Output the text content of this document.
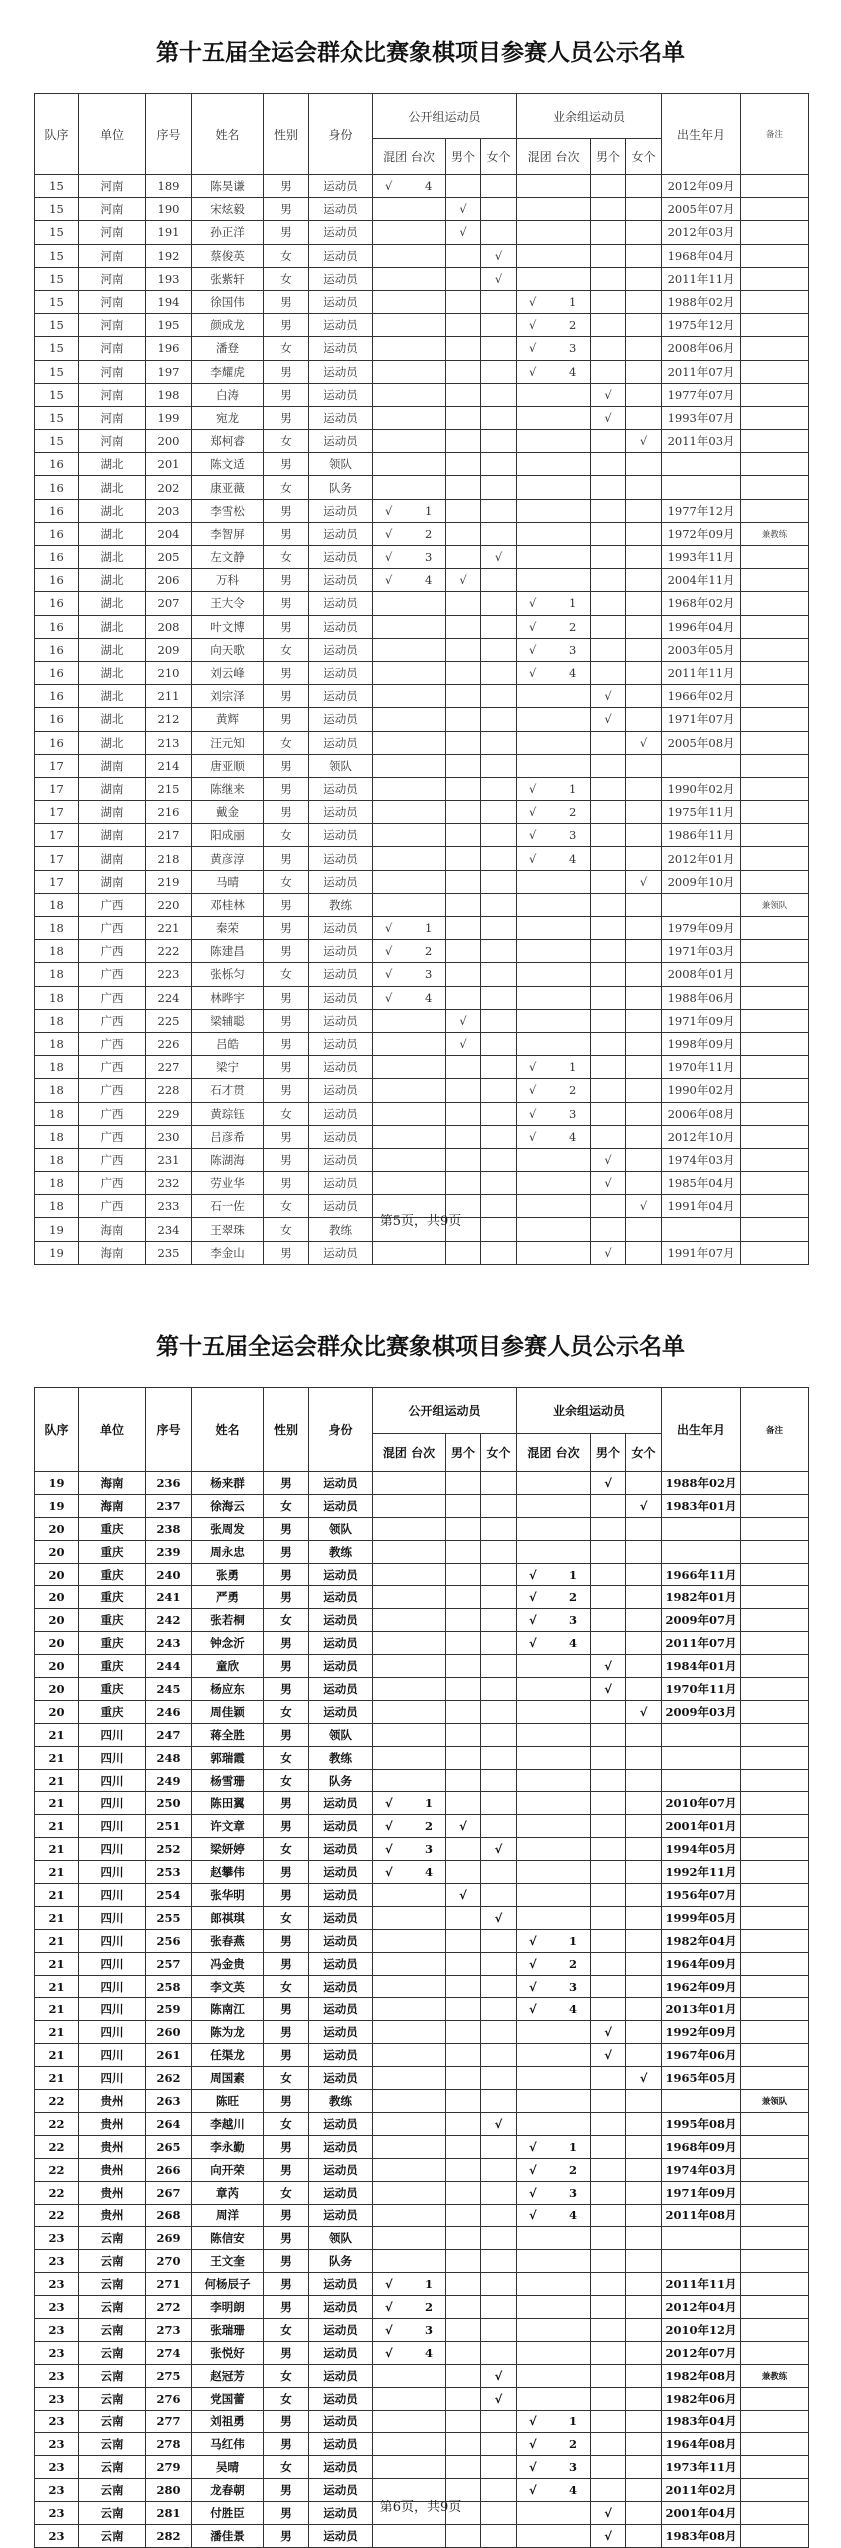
第十五届全运会群众比赛象棋项目参赛人员公示名单
队序	单位	序号	姓名	性别	身份	公开组运动员			业余组运动员			出生年月	备注
						混团 台次	男个	女个	混团 台次	男个	女个		
15	河南	189	陈昊谦	男	运动员	√ 4						2012年09月	
15	河南	190	宋炫毅	男	运动员		√					2005年07月	
15	河南	191	孙正洋	男	运动员		√					2012年03月	
15	河南	192	蔡俊英	女	运动员			√				1968年04月	
15	河南	193	张紫轩	女	运动员			√				2011年11月	
15	河南	194	徐国伟	男	运动员				√ 1			1988年02月	
15	河南	195	颜成龙	男	运动员				√ 2			1975年12月	
15	河南	196	潘登	女	运动员				√ 3			2008年06月	
15	河南	197	李耀虎	男	运动员				√ 4			2011年07月	
15	河南	198	白涛	男	运动员					√		1977年07月	
15	河南	199	宛龙	男	运动员					√		1993年07月	
15	河南	200	郑柯睿	女	运动员						√	2011年03月	
16	湖北	201	陈文适	男	领队	

16	湖北	202	康亚薇	女	队务	

16	湖北	203	李雪松	男	运动员	√ 1						1977年12月	
16	湖北	204	李智屏	男	运动员	√ 2						1972年09月	兼教练
16	湖北	205	左文静	女	运动员	√ 3		√				1993年11月	
16	湖北	206	万科	男	运动员	√ 4	√					2004年11月	
16	湖北	207	王大令	男	运动员				√ 1			1968年02月	
16	湖北	208	叶文博	男	运动员				√ 2			1996年04月	
16	湖北	209	向天歌	女	运动员				√ 3			2003年05月	
16	湖北	210	刘云峰	男	运动员				√ 4			2011年11月	
16	湖北	211	刘宗泽	男	运动员					√		1966年02月	
16	湖北	212	黄辉	男	运动员					√		1971年07月	
16	湖北	213	汪元知	女	运动员						√	2005年08月	
17	湖南	214	唐亚顺	男	领队	

17	湖南	215	陈继来	男	运动员				√ 1			1990年02月	
17	湖南	216	戴金	男	运动员				√ 2			1975年11月	
17	湖南	217	阳成丽	女	运动员				√ 3			1986年11月	
17	湖南	218	黄彦淳	男	运动员				√ 4			2012年01月	
17	湖南	219	马晴	女	运动员						√	2009年10月	
18	广西	220	邓桂林	男	教练								兼领队
18	广西	221	秦荣	男	运动员	√ 1						1979年09月	
18	广西	222	陈建昌	男	运动员	√ 2						1971年03月	
18	广西	223	张栎匀	女	运动员	√ 3						2008年01月	
18	广西	224	林晔宇	男	运动员	√ 4						1988年06月	
18	广西	225	梁辅聪	男	运动员		√					1971年09月	
18	广西	226	吕皓	男	运动员		√					1998年09月	
18	广西	227	梁宁	男	运动员				√ 1			1970年11月	
18	广西	228	石才贯	男	运动员				√ 2			1990年02月	
18	广西	229	黄琮钰	女	运动员				√ 3			2006年08月	
18	广西	230	吕彦希	男	运动员				√ 4			2012年10月	
18	广西	231	陈湖海	男	运动员					√		1974年03月	
18	广西	232	劳业华	男	运动员					√		1985年04月	
18	广西	233	石一佐	女	运动员						√	1991年04月	
19	海南	234	王翠珠	女	教练	

19	海南	235	李金山	男	运动员					√		1991年07月	
第5页，共9页
第十五届全运会群众比赛象棋项目参赛人员公示名单
队序	单位	序号	姓名	性别	身份	公开组运动员			业余组运动员			出生年月	备注
						混团 台次	男个	女个	混团 台次	男个	女个		
19	海南	236	杨来群	男	运动员					√		1988年02月	
19	海南	237	徐海云	女	运动员						√	1983年01月	
20	重庆	238	张周发	男	领队	

20	重庆	239	周永忠	男	教练	

20	重庆	240	张勇	男	运动员				√ 1			1966年11月	
20	重庆	241	严勇	男	运动员				√ 2			1982年01月	
20	重庆	242	张若桐	女	运动员				√ 3			2009年07月	
20	重庆	243	钟念沂	男	运动员				√ 4			2011年07月	
20	重庆	244	童欣	男	运动员					√		1984年01月	
20	重庆	245	杨应东	男	运动员					√		1970年11月	
20	重庆	246	周佳颖	女	运动员						√	2009年03月	
21	四川	247	蒋全胜	男	领队	

21	四川	248	郭瑞霞	女	教练	

21	四川	249	杨雪珊	女	队务	

21	四川	250	陈田翼	男	运动员	√ 1						2010年07月	
21	四川	251	许文章	男	运动员	√ 2	√					2001年01月	
21	四川	252	梁妍婷	女	运动员	√ 3		√				1994年05月	
21	四川	253	赵攀伟	男	运动员	√ 4						1992年11月	
21	四川	254	张华明	男	运动员		√					1956年07月	
21	四川	255	郎祺琪	女	运动员			√				1999年05月	
21	四川	256	张春燕	男	运动员				√ 1			1982年04月	
21	四川	257	冯金贵	男	运动员				√ 2			1964年09月	
21	四川	258	李文英	女	运动员				√ 3			1962年09月	
21	四川	259	陈南江	男	运动员				√ 4			2013年01月	
21	四川	260	陈为龙	男	运动员					√		1992年09月	
21	四川	261	任渠龙	男	运动员					√		1967年06月	
21	四川	262	周国素	女	运动员						√	1965年05月	
22	贵州	263	陈旺	男	教练								兼领队
22	贵州	264	李越川	女	运动员			√				1995年08月	
22	贵州	265	李永勤	男	运动员				√ 1			1968年09月	
22	贵州	266	向开荣	男	运动员				√ 2			1974年03月	
22	贵州	267	章芮	女	运动员				√ 3			1971年09月	
22	贵州	268	周洋	男	运动员				√ 4			2011年08月	
23	云南	269	陈信安	男	领队	

23	云南	270	王文奎	男	队务	

23	云南	271	何杨辰子	男	运动员	√ 1						2011年11月	
23	云南	272	李明朗	男	运动员	√ 2						2012年04月	
23	云南	273	张瑞珊	女	运动员	√ 3						2010年12月	
23	云南	274	张悦好	男	运动员	√ 4						2012年07月	
23	云南	275	赵冠芳	女	运动员			√				1982年08月	兼教练
23	云南	276	党国蕾	女	运动员			√				1982年06月	
23	云南	277	刘祖勇	男	运动员				√ 1			1983年04月	
23	云南	278	马红伟	男	运动员				√ 2			1964年08月	
23	云南	279	吴晴	女	运动员				√ 3			1973年11月	
23	云南	280	龙春朝	男	运动员				√ 4			2011年02月	
23	云南	281	付胜臣	男	运动员					√		2001年04月	
23	云南	282	潘佳景	男	运动员					√		1983年08月	
第6页，共9页
